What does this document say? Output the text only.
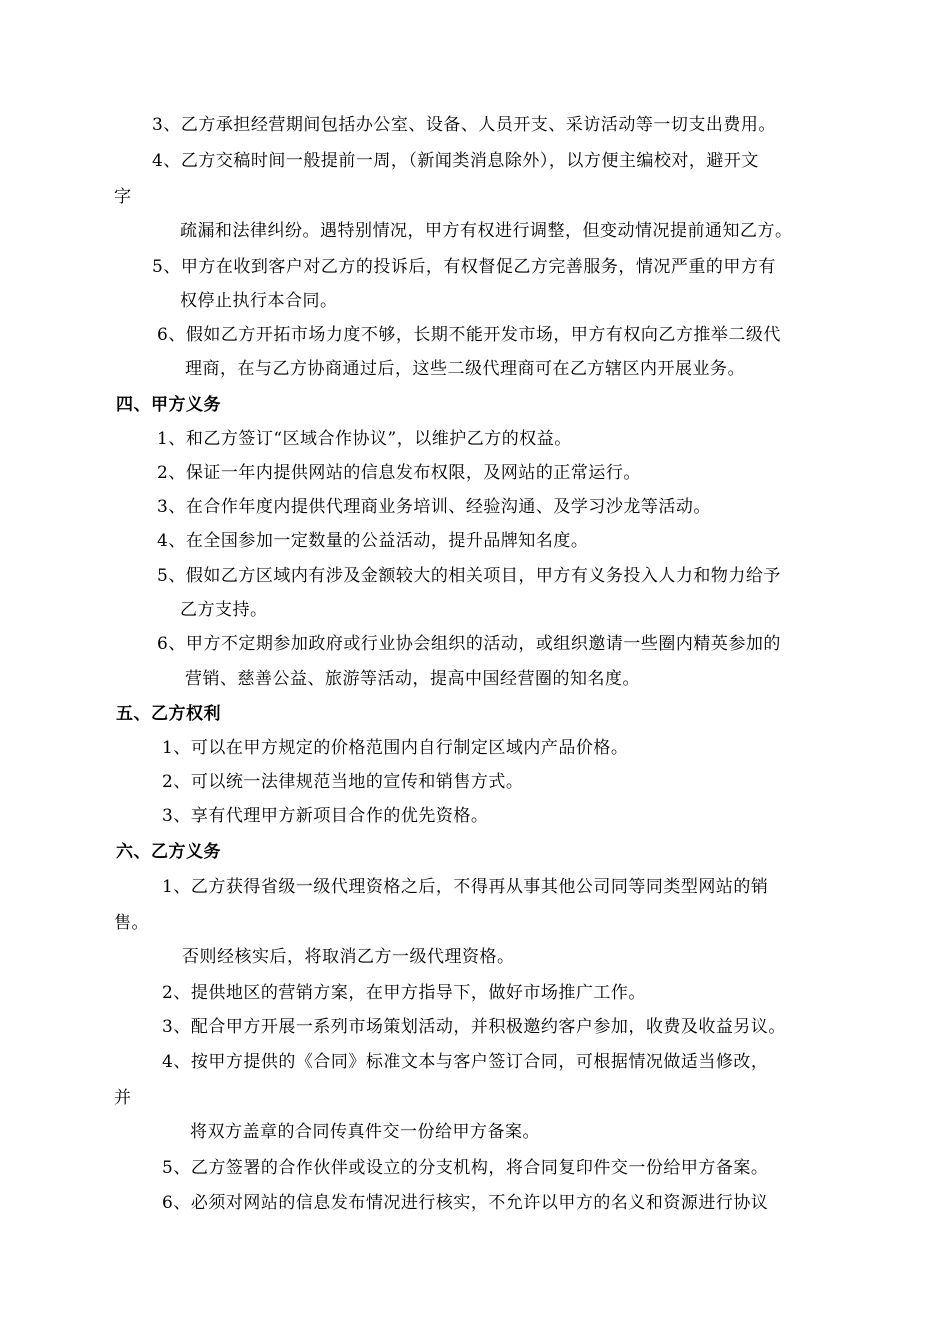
3、乙方承担经营期间包括办公室、设备、人员开支、采访活动等一切支出费用。
4、乙方交稿时间一般提前一周，（新闻类消息除外），以方便主编校对，避开文
字
疏漏和法律纠纷。遇特别情况，甲方有权进行调整，但变动情况提前通知乙方。
5、甲方在收到客户对乙方的投诉后，有权督促乙方完善服务，情况严重的甲方有
权停止执行本合同。
6、假如乙方开拓市场力度不够，长期不能开发市场，甲方有权向乙方推举二级代
理商，在与乙方协商通过后，这些二级代理商可在乙方辖区内开展业务。
四、甲方义务
1、和乙方签订“区域合作协议”，以维护乙方的权益。
2、保证一年内提供网站的信息发布权限，及网站的正常运行。
3、在合作年度内提供代理商业务培训、经验沟通、及学习沙龙等活动。
4、在全国参加一定数量的公益活动，提升品牌知名度。
5、假如乙方区域内有涉及金额较大的相关项目，甲方有义务投入人力和物力给予
乙方支持。
6、甲方不定期参加政府或行业协会组织的活动，或组织邀请一些圈内精英参加的
营销、慈善公益、旅游等活动，提高中国经营圈的知名度。
五、乙方权利
1、可以在甲方规定的价格范围内自行制定区域内产品价格。
2、可以统一法律规范当地的宣传和销售方式。
3、享有代理甲方新项目合作的优先资格。
六、乙方义务
1、乙方获得省级一级代理资格之后，不得再从事其他公司同等同类型网站的销
售。
否则经核实后，将取消乙方一级代理资格。
2、提供地区的营销方案，在甲方指导下，做好市场推广工作。
3、配合甲方开展一系列市场策划活动，并积极邀约客户参加，收费及收益另议。
4、按甲方提供的《合同》标准文本与客户签订合同，可根据情况做适当修改，
并
将双方盖章的合同传真件交一份给甲方备案。
5、乙方签署的合作伙伴或设立的分支机构，将合同复印件交一份给甲方备案。
6、必须对网站的信息发布情况进行核实，不允许以甲方的名义和资源进行协议
